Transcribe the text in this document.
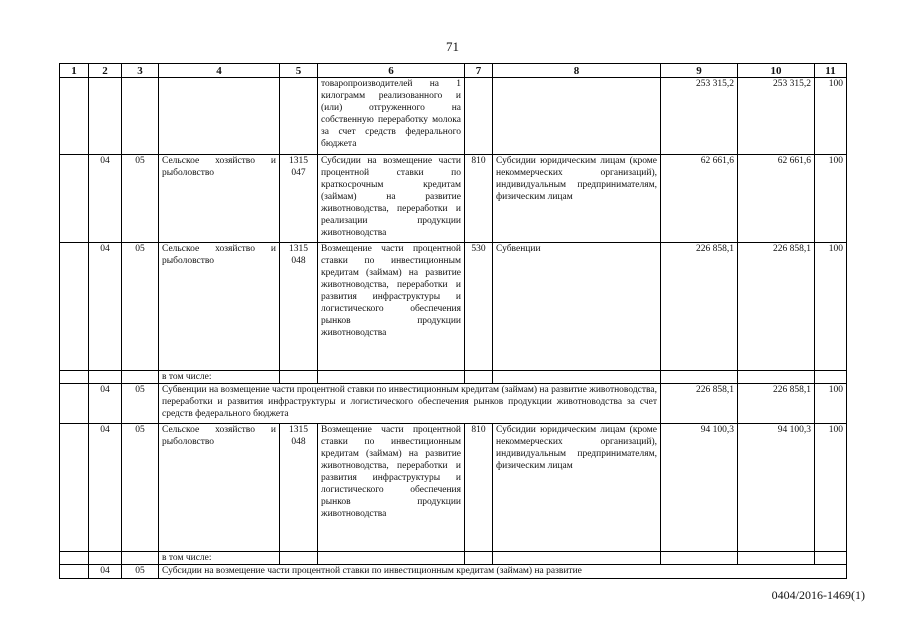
71
1	2	3	4	5	6	7	8	9	10	11
					товаропроизводителей на 1 килограмм реализованного и (или) отгруженного на собственную переработку молока за счет средств федерального бюджета			253 315,2	253 315,2	100
	04	05	Сельское хозяйство и рыболовство	1315 047	Субсидии на возмещение части процентной ставки по краткосрочным кредитам (займам) на развитие животноводства, переработки и реализации продукции животноводства	810	Субсидии юридическим лицам (кроме некоммерческих организаций), индивидуальным предпринимателям, физическим лицам	62 661,6	62 661,6	100
	04	05	Сельское хозяйство и рыболовство	1315 048	Возмещение части процентной ставки по инвестиционным кредитам (займам) на развитие животноводства, переработки и развития инфраструктуры и логистического обеспечения рынков продукции животноводства	530	Субвенции	226 858,1	226 858,1	100
			в том числе:							
	04	05	Субвенции на возмещение части процентной ставки по инвестиционным кредитам (займам) на развитие животноводства, переработки и развития инфраструктуры и логистического обеспечения рынков продукции животноводства за счет средств федерального бюджета					226 858,1	226 858,1	100
	04	05	Сельское хозяйство и рыболовство	1315 048	Возмещение части процентной ставки по инвестиционным кредитам (займам) на развитие животноводства, переработки и развития инфраструктуры и логистического обеспечения рынков продукции животноводства	810	Субсидии юридическим лицам (кроме некоммерческих организаций), индивидуальным предпринимателям, физическим лицам	94 100,3	94 100,3	100
			в том числе:							
	04	05	Субсидии на возмещение части процентной ставки по инвестиционным кредитам (займам) на развитие							
0404/2016-1469(1)
